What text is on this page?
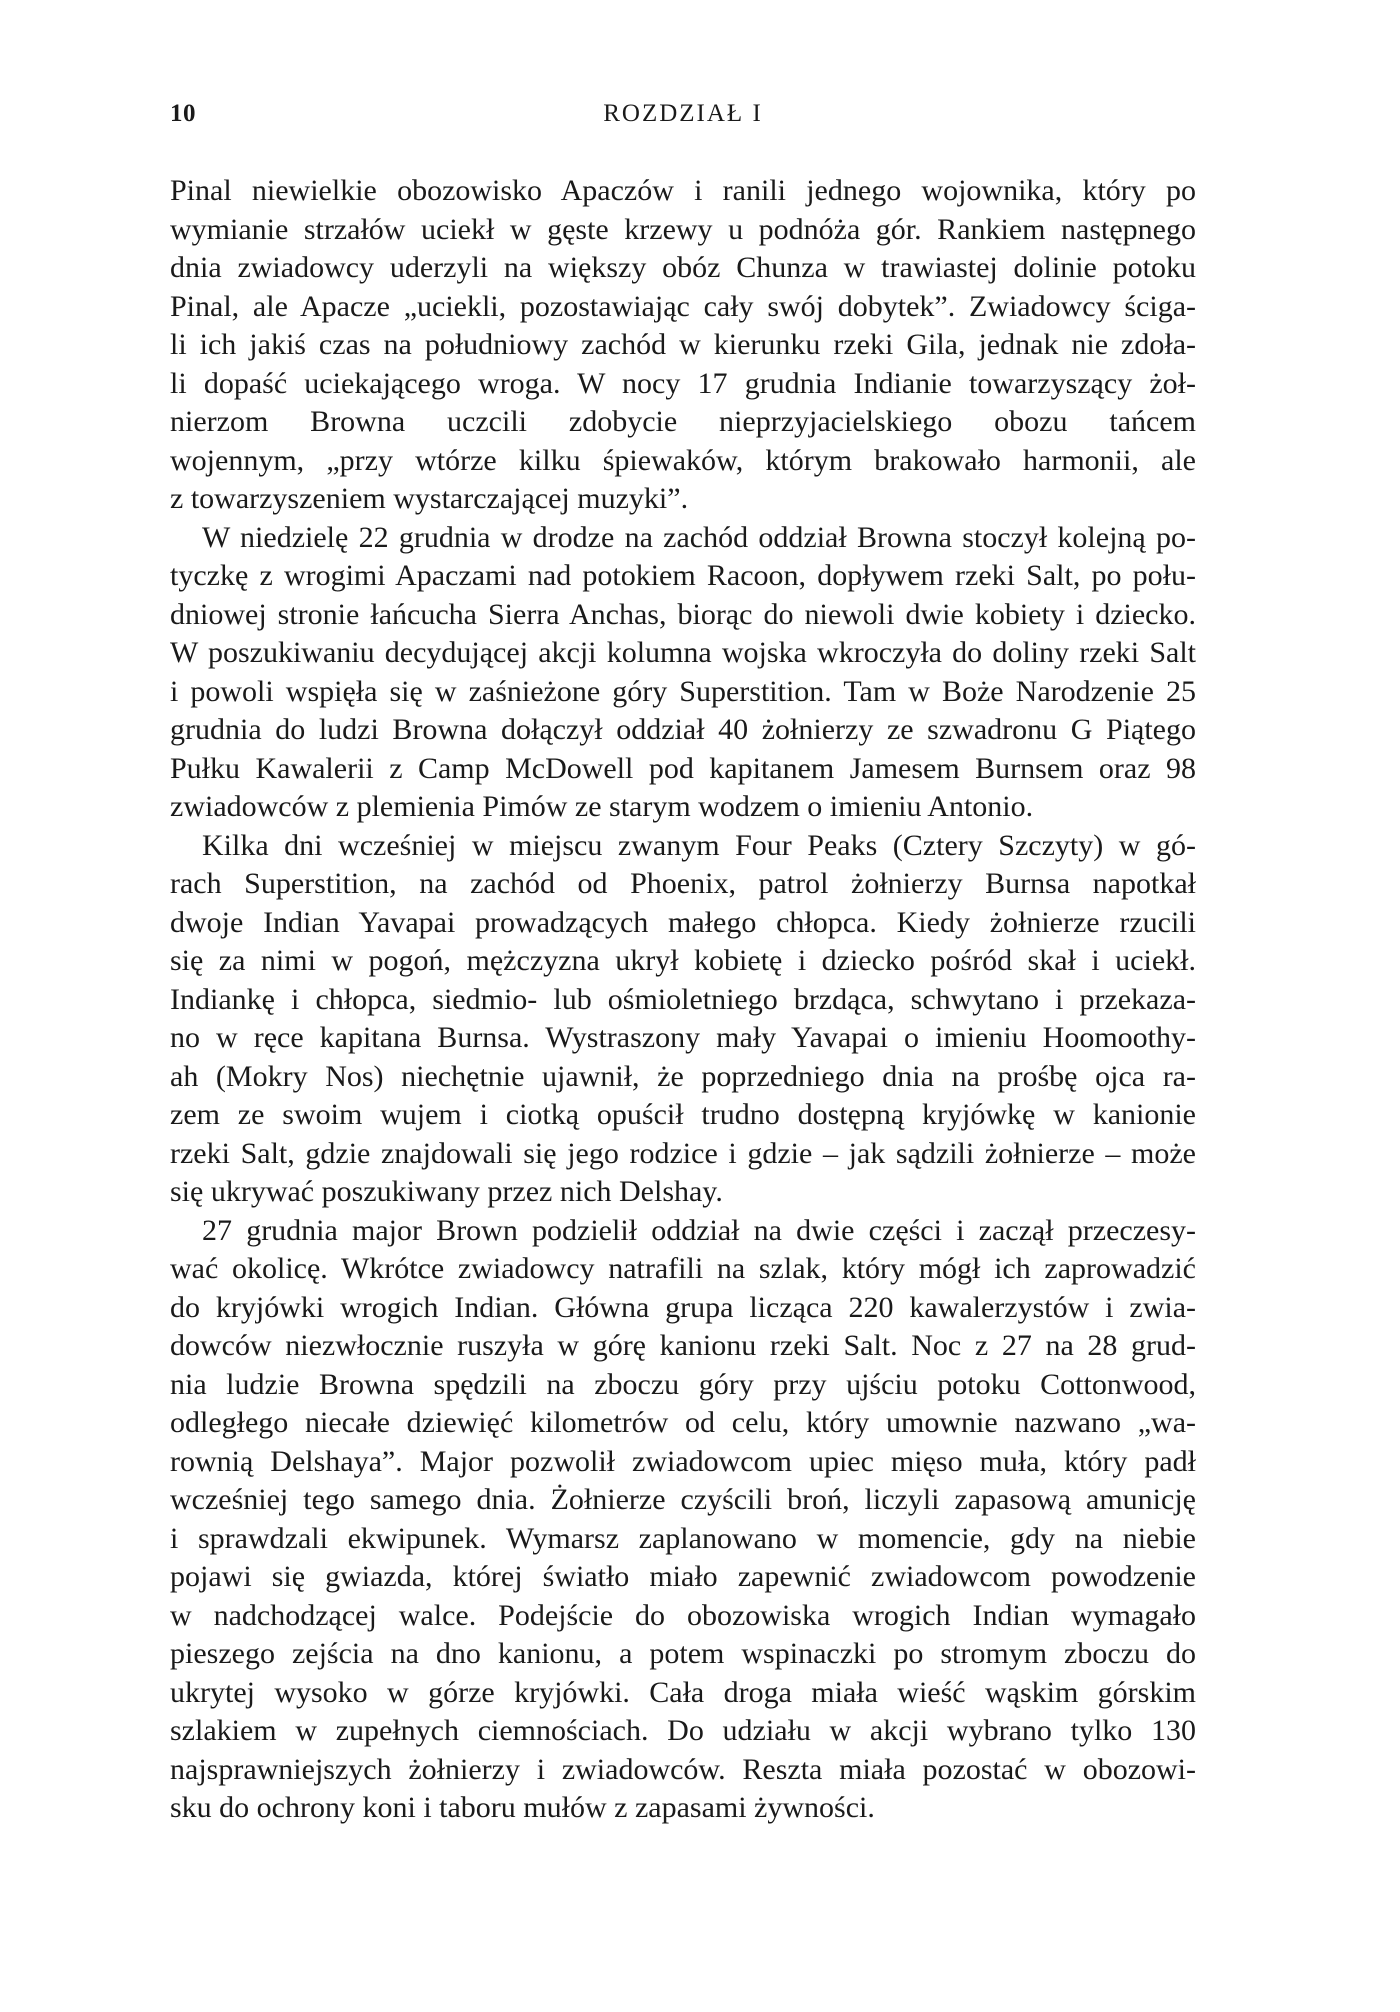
10	ROZDZIAŁ I
Pinal niewielkie obozowisko Apaczów i ranili jednego wojownika, który po
wymianie strzałów uciekł w gęste krzewy u podnóża gór. Rankiem następnego
dnia zwiadowcy uderzyli na większy obóz Chunza w trawiastej dolinie potoku
Pinal, ale Apacze „uciekli, pozostawiając cały swój dobytek”. Zwiadowcy ściga-
li ich jakiś czas na południowy zachód w kierunku rzeki Gila, jednak nie zdoła-
li dopaść uciekającego wroga. W nocy 17 grudnia Indianie towarzyszący żoł-
nierzom Browna uczcili zdobycie nieprzyjacielskiego obozu tańcem
wojennym, „przy wtórze kilku śpiewaków, którym brakowało harmonii, ale
z towarzyszeniem wystarczającej muzyki”.
W niedzielę 22 grudnia w drodze na zachód oddział Browna stoczył kolejną po-
tyczkę z wrogimi Apaczami nad potokiem Racoon, dopływem rzeki Salt, po połu-
dniowej stronie łańcucha Sierra Anchas, biorąc do niewoli dwie kobiety i dziecko.
W poszukiwaniu decydującej akcji kolumna wojska wkroczyła do doliny rzeki Salt
i powoli wspięła się w zaśnieżone góry Superstition. Tam w Boże Narodzenie 25
grudnia do ludzi Browna dołączył oddział 40 żołnierzy ze szwadronu G Piątego
Pułku Kawalerii z Camp McDowell pod kapitanem Jamesem Burnsem oraz 98
zwiadowców z plemienia Pimów ze starym wodzem o imieniu Antonio.
Kilka dni wcześniej w miejscu zwanym Four Peaks (Cztery Szczyty) w gó-
rach Superstition, na zachód od Phoenix, patrol żołnierzy Burnsa napotkał
dwoje Indian Yavapai prowadzących małego chłopca. Kiedy żołnierze rzucili
się za nimi w pogoń, mężczyzna ukrył kobietę i dziecko pośród skał i uciekł.
Indiankę i chłopca, siedmio- lub ośmioletniego brzdąca, schwytano i przekaza-
no w ręce kapitana Burnsa. Wystraszony mały Yavapai o imieniu Hoomoothy-
ah (Mokry Nos) niechętnie ujawnił, że poprzedniego dnia na prośbę ojca ra-
zem ze swoim wujem i ciotką opuścił trudno dostępną kryjówkę w kanionie
rzeki Salt, gdzie znajdowali się jego rodzice i gdzie – jak sądzili żołnierze – może
się ukrywać poszukiwany przez nich Delshay.
27 grudnia major Brown podzielił oddział na dwie części i zaczął przeczesy-
wać okolicę. Wkrótce zwiadowcy natrafili na szlak, który mógł ich zaprowadzić
do kryjówki wrogich Indian. Główna grupa licząca 220 kawalerzystów i zwia-
dowców niezwłocznie ruszyła w górę kanionu rzeki Salt. Noc z 27 na 28 grud-
nia ludzie Browna spędzili na zboczu góry przy ujściu potoku Cottonwood,
odległego niecałe dziewięć kilometrów od celu, który umownie nazwano „wa-
rownią Delshaya”. Major pozwolił zwiadowcom upiec mięso muła, który padł
wcześniej tego samego dnia. Żołnierze czyścili broń, liczyli zapasową amunicję
i sprawdzali ekwipunek. Wymarsz zaplanowano w momencie, gdy na niebie
pojawi się gwiazda, której światło miało zapewnić zwiadowcom powodzenie
w nadchodzącej walce. Podejście do obozowiska wrogich Indian wymagało
pieszego zejścia na dno kanionu, a potem wspinaczki po stromym zboczu do
ukrytej wysoko w górze kryjówki. Cała droga miała wieść wąskim górskim
szlakiem w zupełnych ciemnościach. Do udziału w akcji wybrano tylko 130
najsprawniejszych żołnierzy i zwiadowców. Reszta miała pozostać w obozowi-
sku do ochrony koni i taboru mułów z zapasami żywności.
